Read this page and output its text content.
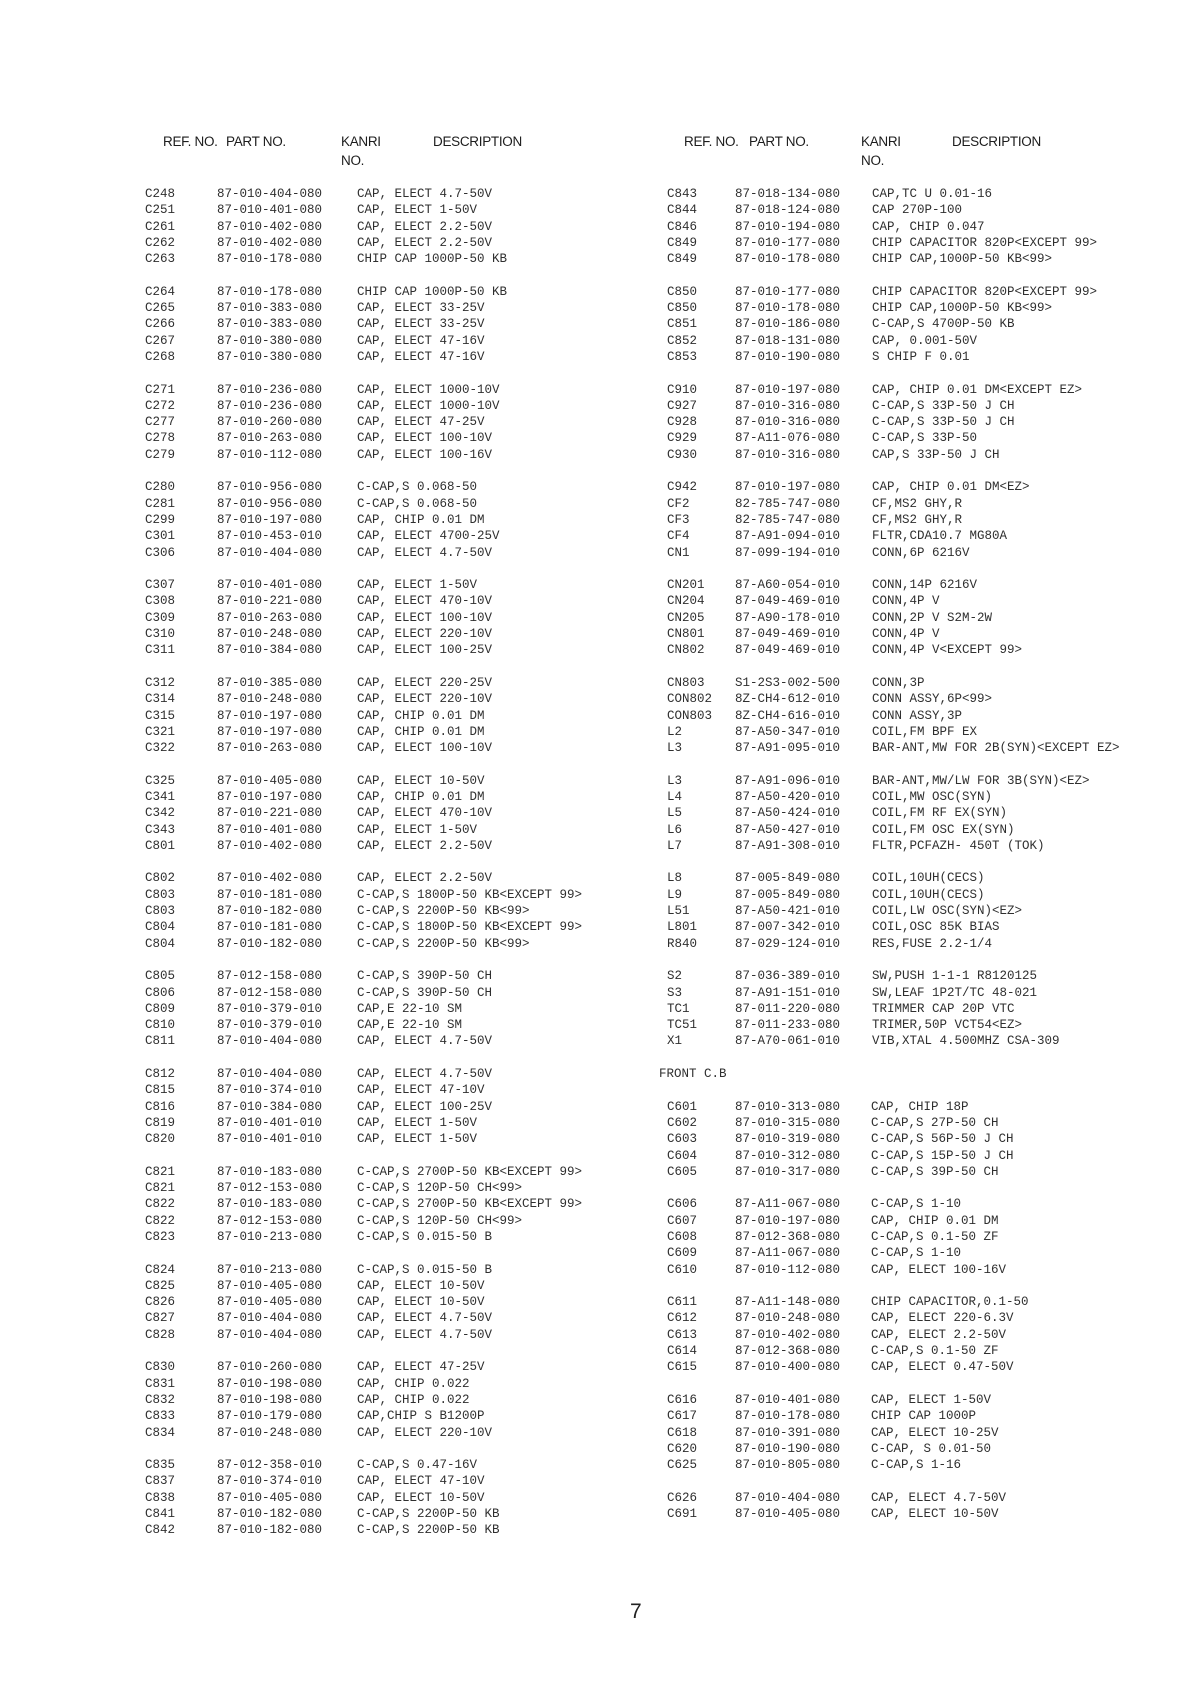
REF. NO. PART NO.	KANRI
NO.
DESCRIPTION	REF. NO. PART NO.	KANRI
NO.
DESCRIPTION
C248	87-010-404-080	CAP, ELECT 4.7-50V
C251	87-010-401-080	CAP, ELECT 1-50V
C261	87-010-402-080	CAP, ELECT 2.2-50V
C262	87-010-402-080	CAP, ELECT 2.2-50V
C263	87-010-178-080	CHIP CAP 1000P-50 KB
C264	87-010-178-080	CHIP CAP 1000P-50 KB
C265	87-010-383-080	CAP, ELECT 33-25V
C266	87-010-383-080	CAP, ELECT 33-25V
C267	87-010-380-080	CAP, ELECT 47-16V
C268	87-010-380-080	CAP, ELECT 47-16V
C271	87-010-236-080	CAP, ELECT 1000-10V
C272	87-010-236-080	CAP, ELECT 1000-10V
C277	87-010-260-080	CAP, ELECT 47-25V
C278	87-010-263-080	CAP, ELECT 100-10V
C279	87-010-112-080	CAP, ELECT 100-16V
C280	87-010-956-080	C-CAP,S 0.068-50
C281	87-010-956-080	C-CAP,S 0.068-50
C299	87-010-197-080	CAP, CHIP 0.01 DM
C301	87-010-453-010	CAP, ELECT 4700-25V
C306	87-010-404-080	CAP, ELECT 4.7-50V
C307	87-010-401-080	CAP, ELECT 1-50V
C308	87-010-221-080	CAP, ELECT 470-10V
C309	87-010-263-080	CAP, ELECT 100-10V
C310	87-010-248-080	CAP, ELECT 220-10V
C311	87-010-384-080	CAP, ELECT 100-25V
C312	87-010-385-080	CAP, ELECT 220-25V
C314	87-010-248-080	CAP, ELECT 220-10V
C315	87-010-197-080	CAP, CHIP 0.01 DM
C321	87-010-197-080	CAP, CHIP 0.01 DM
C322	87-010-263-080	CAP, ELECT 100-10V
C325	87-010-405-080	CAP, ELECT 10-50V
C341	87-010-197-080	CAP, CHIP 0.01 DM
C342	87-010-221-080	CAP, ELECT 470-10V
C343	87-010-401-080	CAP, ELECT 1-50V
C801	87-010-402-080	CAP, ELECT 2.2-50V
C802	87-010-402-080	CAP, ELECT 2.2-50V
C803	87-010-181-080	C-CAP,S 1800P-50 KB<EXCEPT 99>
C803	87-010-182-080	C-CAP,S 2200P-50 KB<99>
C804	87-010-181-080	C-CAP,S 1800P-50 KB<EXCEPT 99>
C804	87-010-182-080	C-CAP,S 2200P-50 KB<99>
C805	87-012-158-080	C-CAP,S 390P-50 CH
C806	87-012-158-080	C-CAP,S 390P-50 CH
C809	87-010-379-010	CAP,E 22-10 SM
C810	87-010-379-010	CAP,E 22-10 SM
C811	87-010-404-080	CAP, ELECT 4.7-50V
C812	87-010-404-080	CAP, ELECT 4.7-50V
C815	87-010-374-010	CAP, ELECT 47-10V
C816	87-010-384-080	CAP, ELECT 100-25V
C819	87-010-401-010	CAP, ELECT 1-50V
C820	87-010-401-010	CAP, ELECT 1-50V
C821	87-010-183-080	C-CAP,S 2700P-50 KB<EXCEPT 99>
C821	87-012-153-080	C-CAP,S 120P-50 CH<99>
C822	87-010-183-080	C-CAP,S 2700P-50 KB<EXCEPT 99>
C822	87-012-153-080	C-CAP,S 120P-50 CH<99>
C823	87-010-213-080	C-CAP,S 0.015-50 B
C824	87-010-213-080	C-CAP,S 0.015-50 B
C825	87-010-405-080	CAP, ELECT 10-50V
C826	87-010-405-080	CAP, ELECT 10-50V
C827	87-010-404-080	CAP, ELECT 4.7-50V
C828	87-010-404-080	CAP, ELECT 4.7-50V
C830	87-010-260-080	CAP, ELECT 47-25V
C831	87-010-198-080	CAP, CHIP 0.022
C832	87-010-198-080	CAP, CHIP 0.022
C833	87-010-179-080	CAP,CHIP S B1200P
C834	87-010-248-080	CAP, ELECT 220-10V
C835	87-012-358-010	C-CAP,S 0.47-16V
C837	87-010-374-010	CAP, ELECT 47-10V
C838	87-010-405-080	CAP, ELECT 10-50V
C841	87-010-182-080	C-CAP,S 2200P-50 KB
C842	87-010-182-080	C-CAP,S 2200P-50 KB
C843	87-018-134-080	CAP,TC U 0.01-16
C844	87-018-124-080	CAP 270P-100
C846	87-010-194-080	CAP, CHIP 0.047
C849	87-010-177-080	CHIP CAPACITOR 820P<EXCEPT 99>
C849	87-010-178-080	CHIP CAP,1000P-50 KB<99>
C850	87-010-177-080	CHIP CAPACITOR 820P<EXCEPT 99>
C850	87-010-178-080	CHIP CAP,1000P-50 KB<99>
C851	87-010-186-080	C-CAP,S 4700P-50 KB
C852	87-018-131-080	CAP, 0.001-50V
C853	87-010-190-080	S CHIP F 0.01
C910	87-010-197-080	CAP, CHIP 0.01 DM<EXCEPT EZ>
C927	87-010-316-080	C-CAP,S 33P-50 J CH
C928	87-010-316-080	C-CAP,S 33P-50 J CH
C929	87-A11-076-080	C-CAP,S 33P-50
C930	87-010-316-080	CAP,S 33P-50 J CH
C942	87-010-197-080	CAP, CHIP 0.01 DM<EZ>
CF2	82-785-747-080	CF,MS2 GHY,R
CF3	82-785-747-080	CF,MS2 GHY,R
CF4	87-A91-094-010	FLTR,CDA10.7 MG80A
CN1	87-099-194-010	CONN,6P 6216V
CN201 87-A60-054-010	CONN,14P 6216V
CN204 87-049-469-010	CONN,4P V
CN205 87-A90-178-010	CONN,2P V S2M-2W
CN801 87-049-469-010	CONN,4P V
CN802 87-049-469-010	CONN,4P V<EXCEPT 99>
CN803 S1-2S3-002-500	CONN,3P
CON802 8Z-CH4-612-010	CONN ASSY,6P<99>
CON803 8Z-CH4-616-010	CONN ASSY,3P
L2	87-A50-347-010	COIL,FM BPF EX
L3	87-A91-095-010	BAR-ANT,MW FOR 2B(SYN)<EXCEPT EZ>
L3	87-A91-096-010	BAR-ANT,MW/LW FOR 3B(SYN)<EZ>
L4	87-A50-420-010	COIL,MW OSC(SYN)
L5	87-A50-424-010	COIL,FM RF EX(SYN)
L6	87-A50-427-010	COIL,FM OSC EX(SYN)
L7	87-A91-308-010	FLTR,PCFAZH- 450T (TOK)
L8	87-005-849-080	COIL,10UH(CECS)
L9	87-005-849-080	COIL,10UH(CECS)
L51	87-A50-421-010	COIL,LW OSC(SYN)<EZ>
L801	87-007-342-010	COIL,OSC 85K BIAS
R840	87-029-124-010	RES,FUSE 2.2-1/4
S2	87-036-389-010	SW,PUSH 1-1-1 R8120125
S3	87-A91-151-010	SW,LEAF 1P2T/TC 48-021
TC1	87-011-220-080	TRIMMER CAP 20P VTC
TC51	87-011-233-080	TRIMER,50P VCT54<EZ>
X1	87-A70-061-010	VIB,XTAL 4.500MHZ CSA-309
FRONT C.B
C601	87-010-313-080 CAP, CHIP 18P
C602	87-010-315-080 C-CAP,S 27P-50 CH
C603	87-010-319-080 C-CAP,S 56P-50 J CH
C604	87-010-312-080 C-CAP,S 15P-50 J CH
C605	87-010-317-080 C-CAP,S 39P-50 CH
C606	87-A11-067-080 C-CAP,S 1-10
C607	87-010-197-080 CAP, CHIP 0.01 DM
C608	87-012-368-080 C-CAP,S 0.1-50 ZF
C609	87-A11-067-080 C-CAP,S 1-10
C610	87-010-112-080 CAP, ELECT 100-16V
C611	87-A11-148-080 CHIP CAPACITOR,0.1-50
C612	87-010-248-080 CAP, ELECT 220-6.3V
C613	87-010-402-080 CAP, ELECT 2.2-50V
C614	87-012-368-080 C-CAP,S 0.1-50 ZF
C615	87-010-400-080 CAP, ELECT 0.47-50V
C616	87-010-401-080 CAP, ELECT 1-50V
C617	87-010-178-080 CHIP CAP 1000P
C618	87-010-391-080 CAP, ELECT 10-25V
C620	87-010-190-080 C-CAP, S 0.01-50
C625	87-010-805-080 C-CAP,S 1-16
C626	87-010-404-080 CAP, ELECT 4.7-50V
C691	87-010-405-080 CAP, ELECT 10-50V
7
